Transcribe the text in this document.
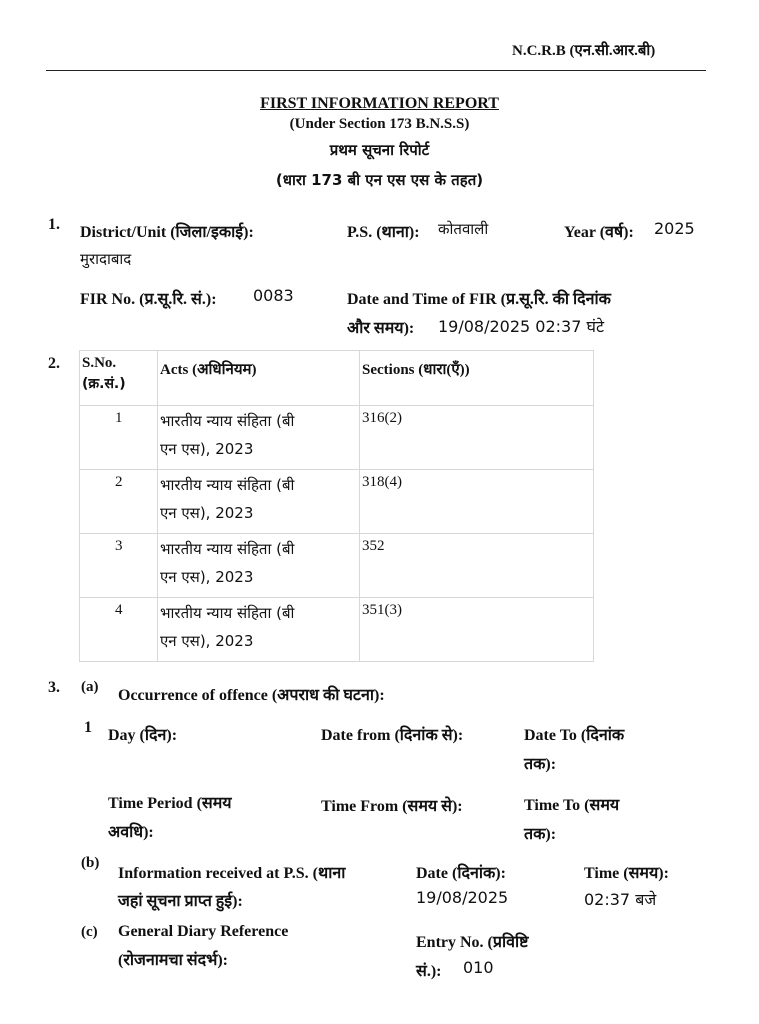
N.C.R.B (एन.सी.आर.बी)
FIRST INFORMATION REPORT
(Under Section 173 B.N.S.S)
प्रथम सूचना रिपोर्ट
(धारा 173 बी एन एस एस के तहत)
1. District/Unit (जिला/इकाई):
मुरादाबाद
P.S. (थाना): कोतवाली	Year (वर्ष): 2025
FIR No. (प्र.सू.रि. सं.): 0083	Date and Time of FIR (प्र.सू.रि. की दिनांक
और समय): 19/08/2025 02:37 घंटे
2. S.No.
(क्र.सं.)	Acts (अधिनियम)	Sections (धारा(एँ))

1	भारतीय न्याय संहिता (बी
एन एस), 2023	316(2)

2	भारतीय न्याय संहिता (बी
एन एस), 2023	318(4)

3	भारतीय न्याय संहिता (बी
एन एस), 2023	352

4	भारतीय न्याय संहिता (बी
एन एस), 2023	351(3)
3. (a) Occurrence of offence (अपराध की घटना):
1 Day (दिन):	Date from (दिनांक से):	Date To (दिनांक
तक):
Time Period (समय
अवधि):
Time From (समय से):	Time To (समय
तक):
(b)
Information received at P.S. (थाना
जहां सूचना प्राप्त हुई):
Date (दिनांक):
19/08/2025
Time (समय):
02:37 बजे
(c) General Diary Reference
(रोजनामचा संदर्भ):
Entry No. (प्रविष्टि
सं.): 010
